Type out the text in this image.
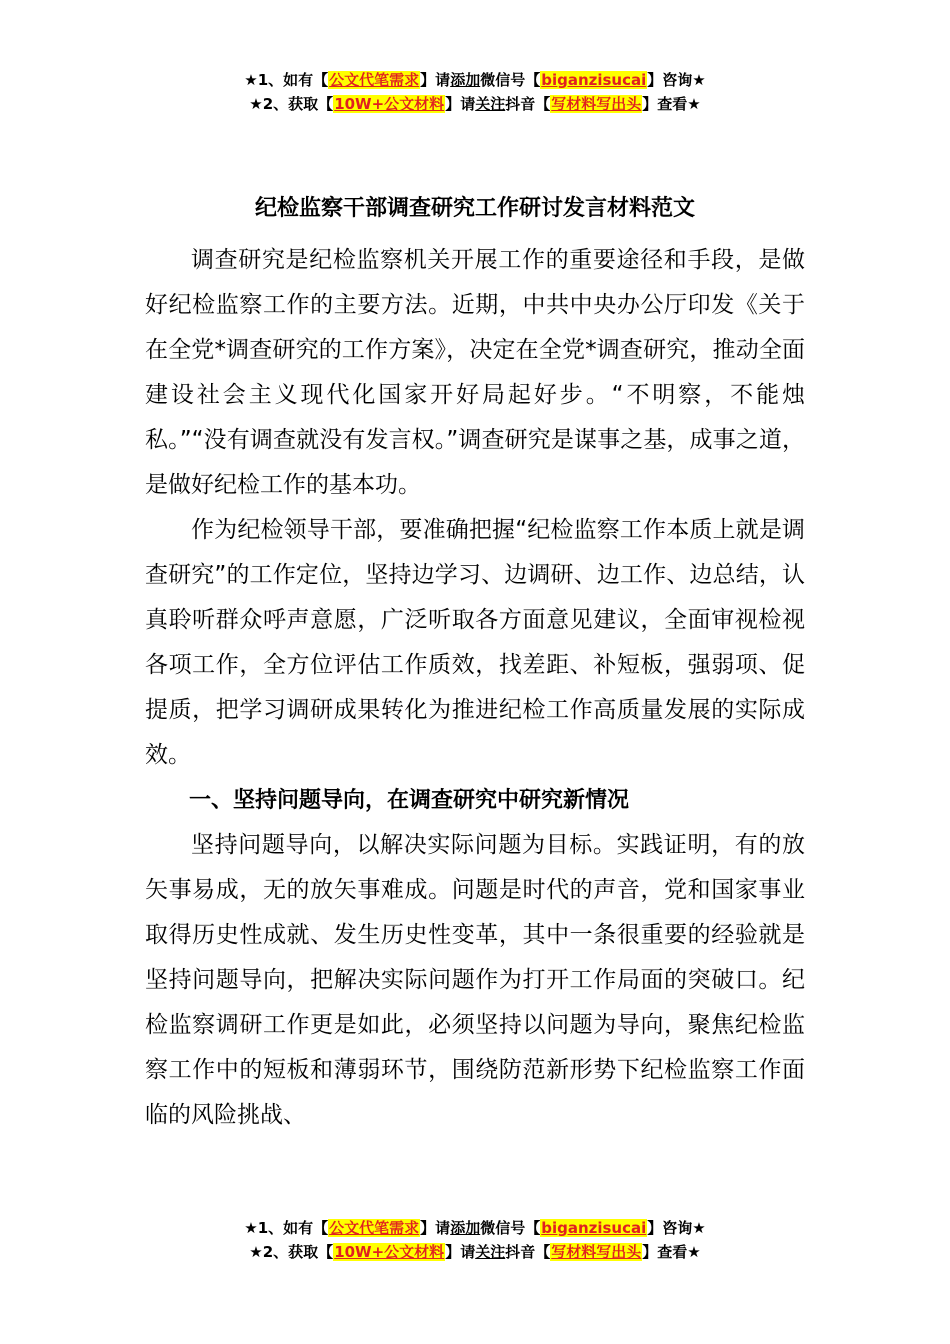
★1、如有【公文代笔需求】请添加微信号【biganzisucai】咨询★
★2、获取【10W+公文材料】请关注抖音【写材料写出头】查看★
纪检监察干部调查研究工作研讨发言材料范文

调查研究是纪检监察机关开展工作的重要途径和手段，是做好纪检监察工作的主要方法。近期，中共中央办公厅印发《关于在全党*调查研究的工作方案》，决定在全党*调查研究，推动全面建设社会主义现代化国家开好局起好步。“不明察，不能烛私。”“没有调查就没有发言权。”调查研究是谋事之基，成事之道，是做好纪检工作的基本功。

作为纪检领导干部，要准确把握“纪检监察工作本质上就是调查研究”的工作定位，坚持边学习、边调研、边工作、边总结，认真聆听群众呼声意愿，广泛听取各方面意见建议，全面审视检视各项工作，全方位评估工作质效，找差距、补短板，强弱项、促提质，把学习调研成果转化为推进纪检工作高质量发展的实际成效。

一、坚持问题导向，在调查研究中研究新情况

坚持问题导向，以解决实际问题为目标。实践证明，有的放矢事易成，无的放矢事难成。问题是时代的声音，党和国家事业取得历史性成就、发生历史性变革，其中一条很重要的经验就是坚持问题导向，把解决实际问题作为打开工作局面的突破口。纪检监察调研工作更是如此，必须坚持以问题为导向，聚焦纪检监察工作中的短板和薄弱环节，围绕防范新形势下纪检监察工作面临的风险挑战、

★1、如有【公文代笔需求】请添加微信号【biganzisucai】咨询★
★2、获取【10W+公文材料】请关注抖音【写材料写出头】查看★
